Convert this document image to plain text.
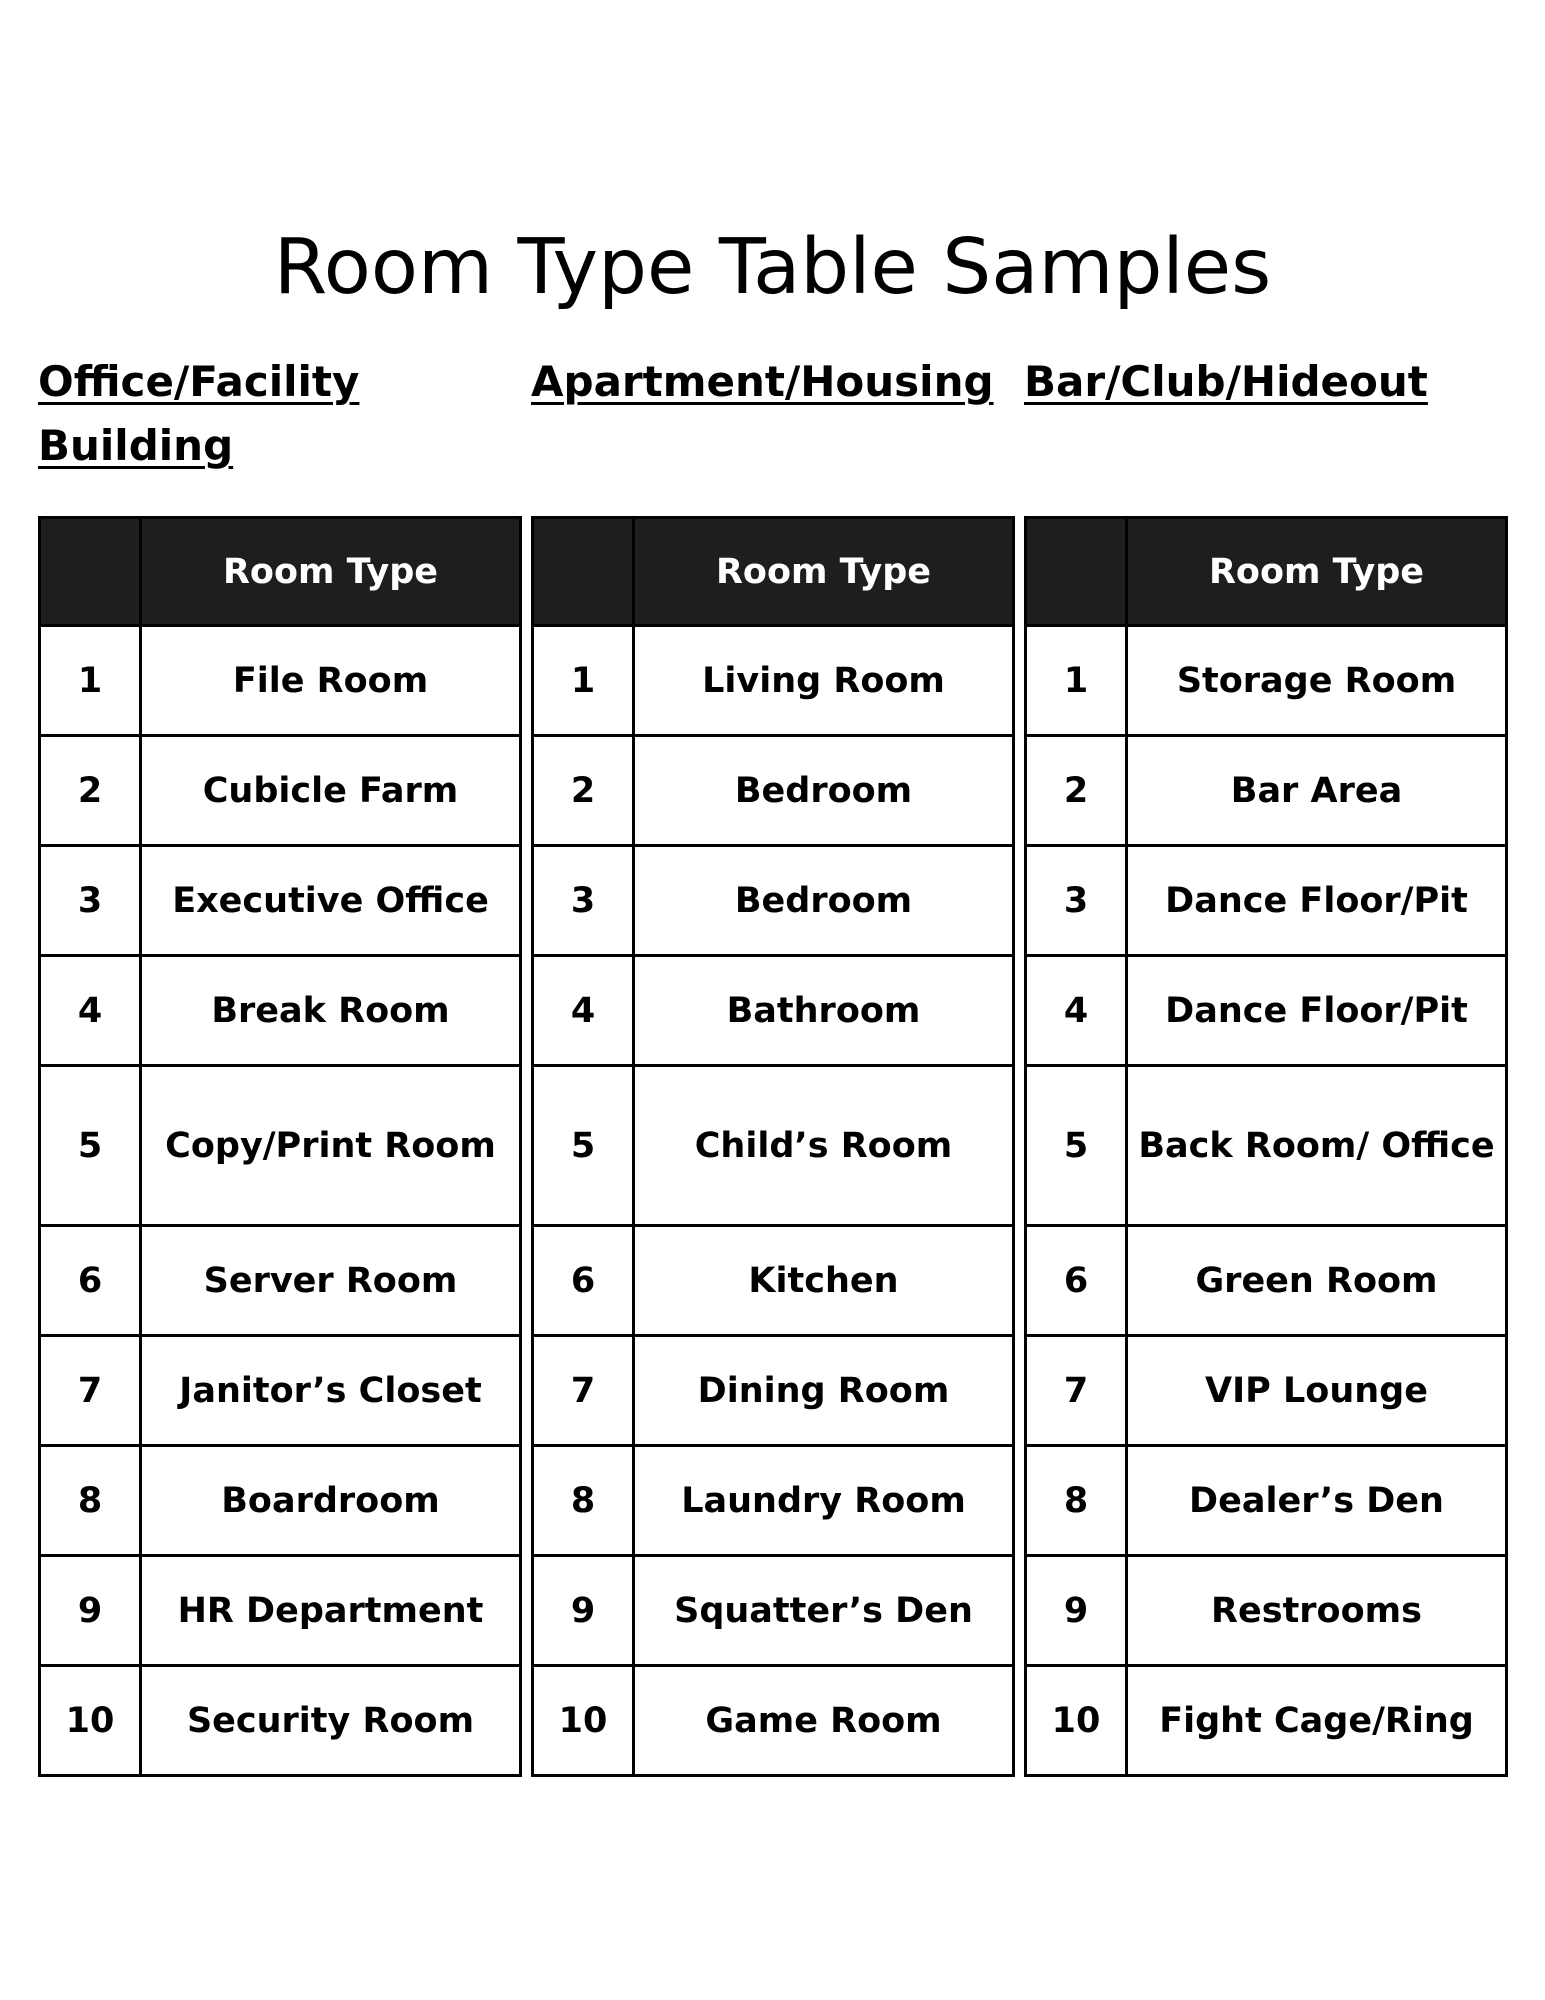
Room Type Table Samples
Office/Facility Building
Apartment/Housing Bar/Club/Hideout
	Room Type
1	File Room
2	Cubicle Farm
3	Executive Office
4	Break Room
5	Copy/Print Room
6	Server Room
7	Janitor’s Closet
8	Boardroom
9	HR Department
10	Security Room
	Room Type
1	Living Room
2	Bedroom
3	Bedroom
4	Bathroom
5	Child’s Room
6	Kitchen
7	Dining Room
8	Laundry Room
9	Squatter’s Den
10	Game Room
	Room Type
1	Storage Room
2	Bar Area
3	Dance Floor/Pit
4	Dance Floor/Pit
5	Back Room/ Office
6	Green Room
7	VIP Lounge
8	Dealer’s Den
9	Restrooms
10	Fight Cage/Ring
